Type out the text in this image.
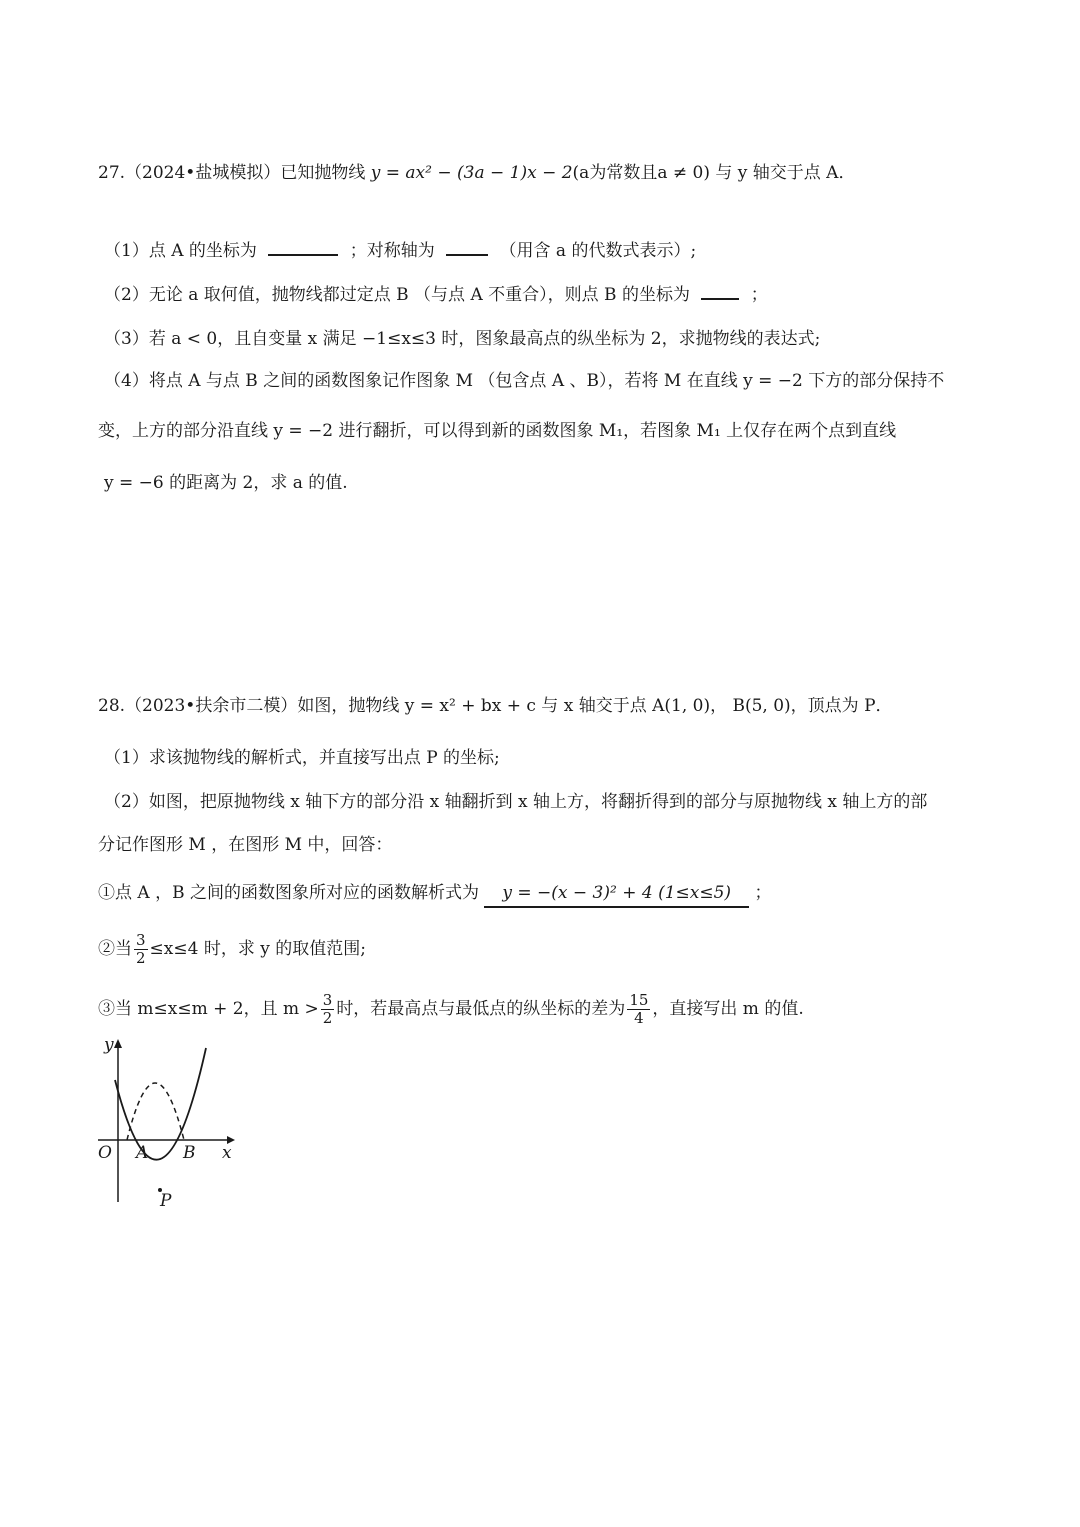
27.（2024•盐城模拟）已知抛物线 y = ax² − (3a − 1)x − 2(a为常数且a ≠ 0) 与 y 轴交于点 A．
（1）点 A 的坐标为	；对称轴为	（用含 a 的代数式表示）;
（2）无论 a 取何值，抛物线都过定点 B （与点 A 不重合），则点 B 的坐标为	；
（3）若 a < 0，且自变量 x 满足 −1≤x≤3 时，图象最高点的纵坐标为 2，求抛物线的表达式;
（4）将点 A 与点 B 之间的函数图象记作图象 M （包含点 A 、B），若将 M 在直线 y = −2 下方的部分保持不
变，上方的部分沿直线 y = −2 进行翻折，可以得到新的函数图象 M₁，若图象 M₁ 上仅存在两个点到直线
y = −6 的距离为 2，求 a 的值.
28.（2023•扶余市二模）如图，抛物线 y = x² + bx + c 与 x 轴交于点 A(1, 0)， B(5, 0)，顶点为 P．
（1）求该抛物线的解析式，并直接写出点 P 的坐标;
（2）如图，把原抛物线 x 轴下方的部分沿 x 轴翻折到 x 轴上方，将翻折得到的部分与原抛物线 x 轴上方的部
分记作图形 M ，在图形 M 中，回答：
①点 A ，B 之间的函数图象所对应的函数解析式为 y = −(x − 3)² + 4 (1≤x≤5) ；
②当 $\frac{3}{2} \le x\le 4$ 时，求 y 的取值范围;
③当 m≤x≤m + 2，且 $m > \frac{3}{2}$ 时，若最高点与最低点的纵坐标的差为 $\frac{15}{4}$ ，直接写出 m 的值.
y
x
O A B
P
